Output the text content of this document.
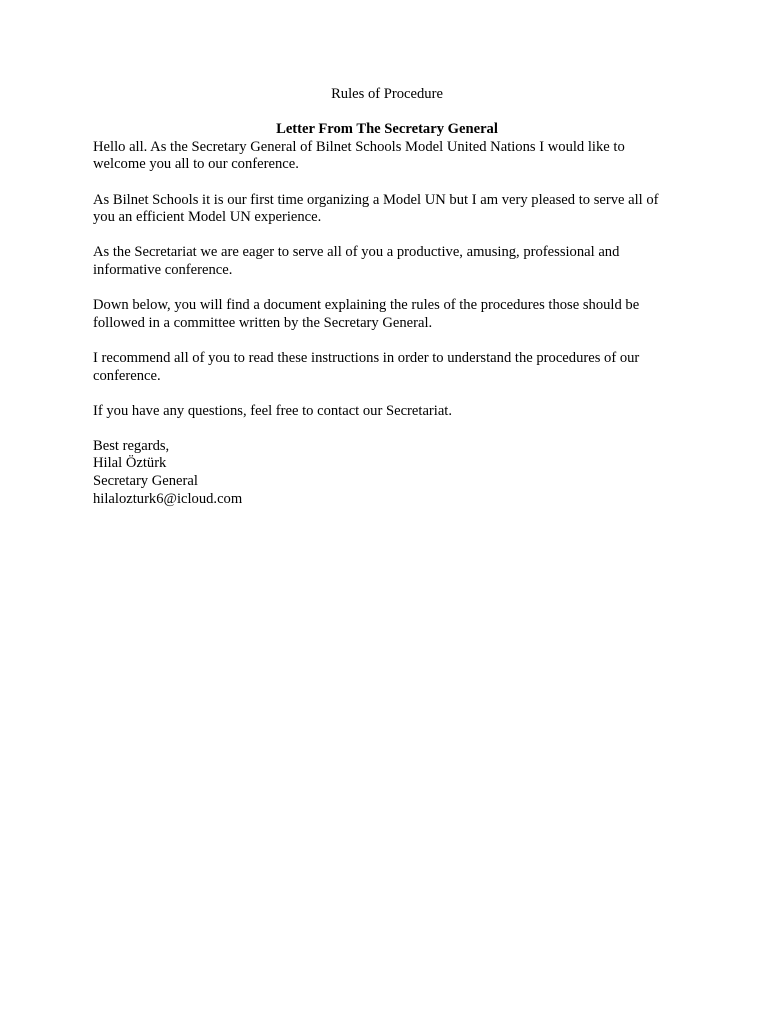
Rules of Procedure

Letter From The Secretary General

Hello all. As the Secretary General of Bilnet Schools Model United Nations I would like to welcome you all to our conference.

As Bilnet Schools it is our first time organizing a Model UN but I am very pleased to serve all of you an efficient Model UN experience.

As the Secretariat we are eager to serve all of you a productive, amusing, professional and informative conference.

Down below, you will find a document explaining the rules of the procedures those should be followed in a committee written by the Secretary General.

I recommend all of you to read these instructions in order to understand the procedures of our conference.

If you have any questions, feel free to contact our Secretariat.

Best regards,
Hilal Öztürk
Secretary General
hilalozturk6@icloud.com
